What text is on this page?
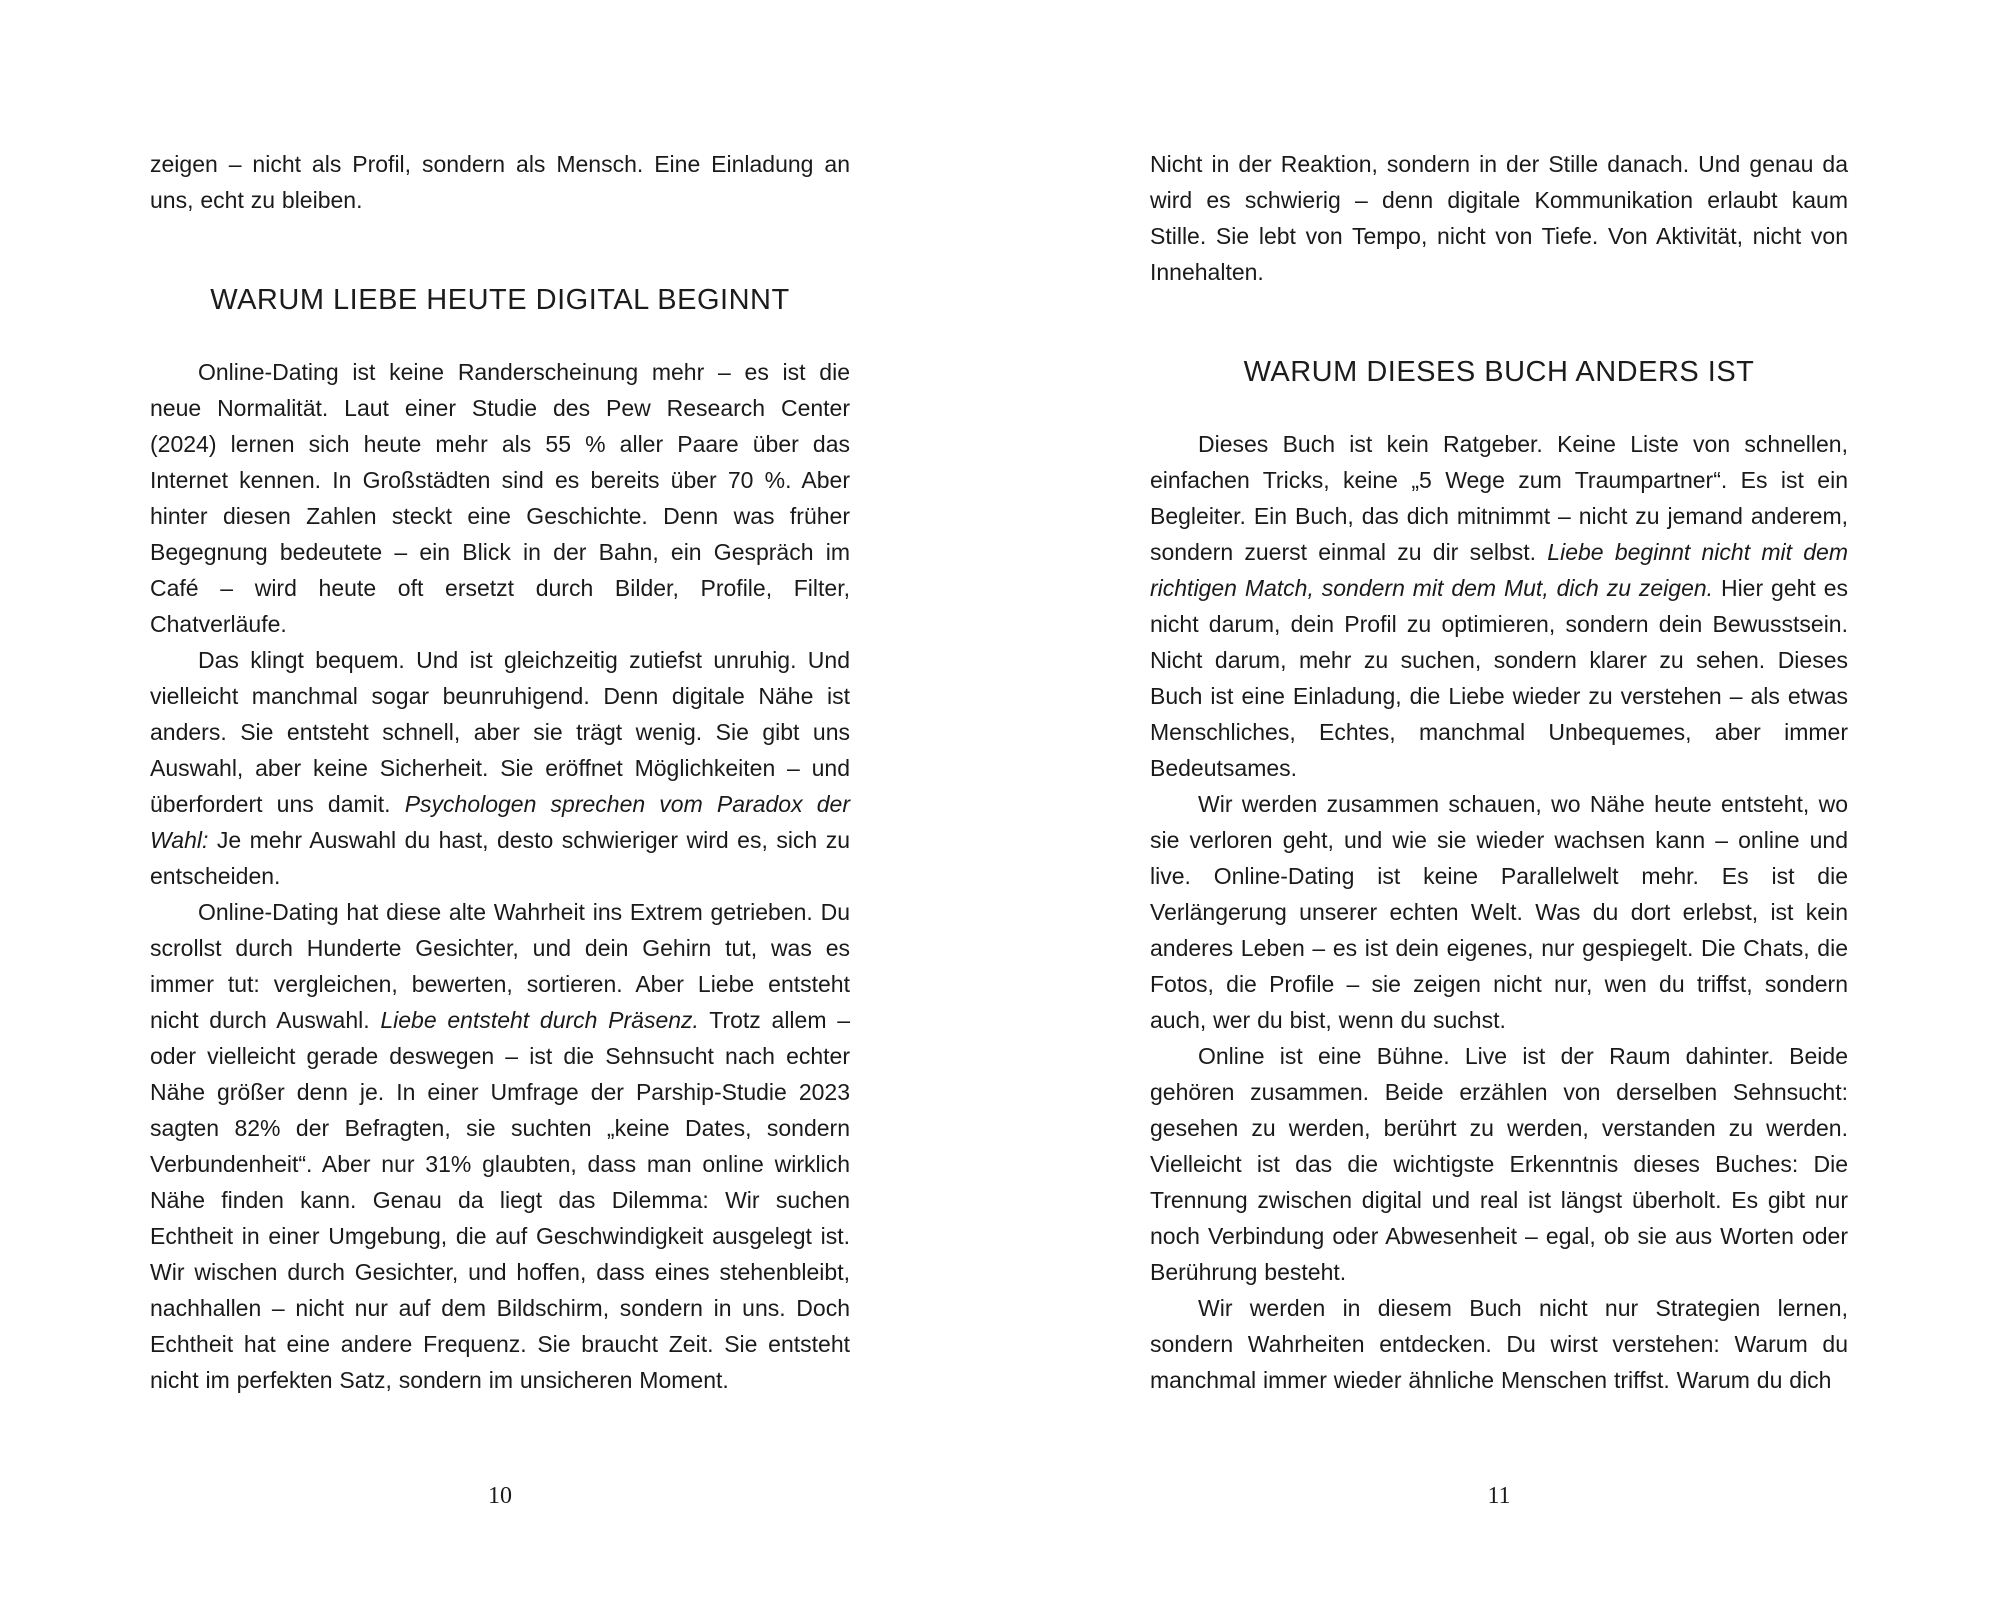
zeigen – nicht als Profil, sondern als Mensch. Eine Einladung an uns, echt zu bleiben.

WARUM LIEBE HEUTE DIGITAL BEGINNT

Online-Dating ist keine Randerscheinung mehr – es ist die neue Normalität. Laut einer Studie des Pew Research Center (2024) lernen sich heute mehr als 55 % aller Paare über das Internet kennen. In Großstädten sind es bereits über 70 %. Aber hinter diesen Zahlen steckt eine Geschichte. Denn was früher Begegnung bedeutete – ein Blick in der Bahn, ein Gespräch im Café – wird heute oft ersetzt durch Bilder, Profile, Filter, Chatverläufe.

Das klingt bequem. Und ist gleichzeitig zutiefst unruhig. Und vielleicht manchmal sogar beunruhigend. Denn digitale Nähe ist anders. Sie entsteht schnell, aber sie trägt wenig. Sie gibt uns Auswahl, aber keine Sicherheit. Sie eröffnet Möglichkeiten – und überfordert uns damit. Psychologen sprechen vom Paradox der Wahl: Je mehr Auswahl du hast, desto schwieriger wird es, sich zu entscheiden.

Online-Dating hat diese alte Wahrheit ins Extrem getrieben. Du scrollst durch Hunderte Gesichter, und dein Gehirn tut, was es immer tut: vergleichen, bewerten, sortieren. Aber Liebe entsteht nicht durch Auswahl. Liebe entsteht durch Präsenz. Trotz allem – oder vielleicht gerade deswegen – ist die Sehnsucht nach echter Nähe größer denn je. In einer Umfrage der Parship-Studie 2023 sagten 82% der Befragten, sie suchten „keine Dates, sondern Verbundenheit“. Aber nur 31% glaubten, dass man online wirklich Nähe finden kann. Genau da liegt das Dilemma: Wir suchen Echtheit in einer Umgebung, die auf Geschwindigkeit ausgelegt ist. Wir wischen durch Gesichter, und hoffen, dass eines stehenbleibt, nachhallen – nicht nur auf dem Bildschirm, sondern in uns. Doch Echtheit hat eine andere Frequenz. Sie braucht Zeit. Sie entsteht nicht im perfekten Satz, sondern im unsicheren Moment.

10

Nicht in der Reaktion, sondern in der Stille danach. Und genau da wird es schwierig – denn digitale Kommunikation erlaubt kaum Stille. Sie lebt von Tempo, nicht von Tiefe. Von Aktivität, nicht von Innehalten.

WARUM DIESES BUCH ANDERS IST

Dieses Buch ist kein Ratgeber. Keine Liste von schnellen, einfachen Tricks, keine „5 Wege zum Traumpartner“. Es ist ein Begleiter. Ein Buch, das dich mitnimmt – nicht zu jemand anderem, sondern zuerst einmal zu dir selbst. Liebe beginnt nicht mit dem richtigen Match, sondern mit dem Mut, dich zu zeigen. Hier geht es nicht darum, dein Profil zu optimieren, sondern dein Bewusstsein. Nicht darum, mehr zu suchen, sondern klarer zu sehen. Dieses Buch ist eine Einladung, die Liebe wieder zu verstehen – als etwas Menschliches, Echtes, manchmal Unbequemes, aber immer Bedeutsames.

Wir werden zusammen schauen, wo Nähe heute entsteht, wo sie verloren geht, und wie sie wieder wachsen kann – online und live. Online-Dating ist keine Parallelwelt mehr. Es ist die Verlängerung unserer echten Welt. Was du dort erlebst, ist kein anderes Leben – es ist dein eigenes, nur gespiegelt. Die Chats, die Fotos, die Profile – sie zeigen nicht nur, wen du triffst, sondern auch, wer du bist, wenn du suchst.

Online ist eine Bühne. Live ist der Raum dahinter. Beide gehören zusammen. Beide erzählen von derselben Sehnsucht: gesehen zu werden, berührt zu werden, verstanden zu werden. Vielleicht ist das die wichtigste Erkenntnis dieses Buches: Die Trennung zwischen digital und real ist längst überholt. Es gibt nur noch Verbindung oder Abwesenheit – egal, ob sie aus Worten oder Berührung besteht.

Wir werden in diesem Buch nicht nur Strategien lernen, sondern Wahrheiten entdecken. Du wirst verstehen: Warum du manchmal immer wieder ähnliche Menschen triffst. Warum du dich

11
